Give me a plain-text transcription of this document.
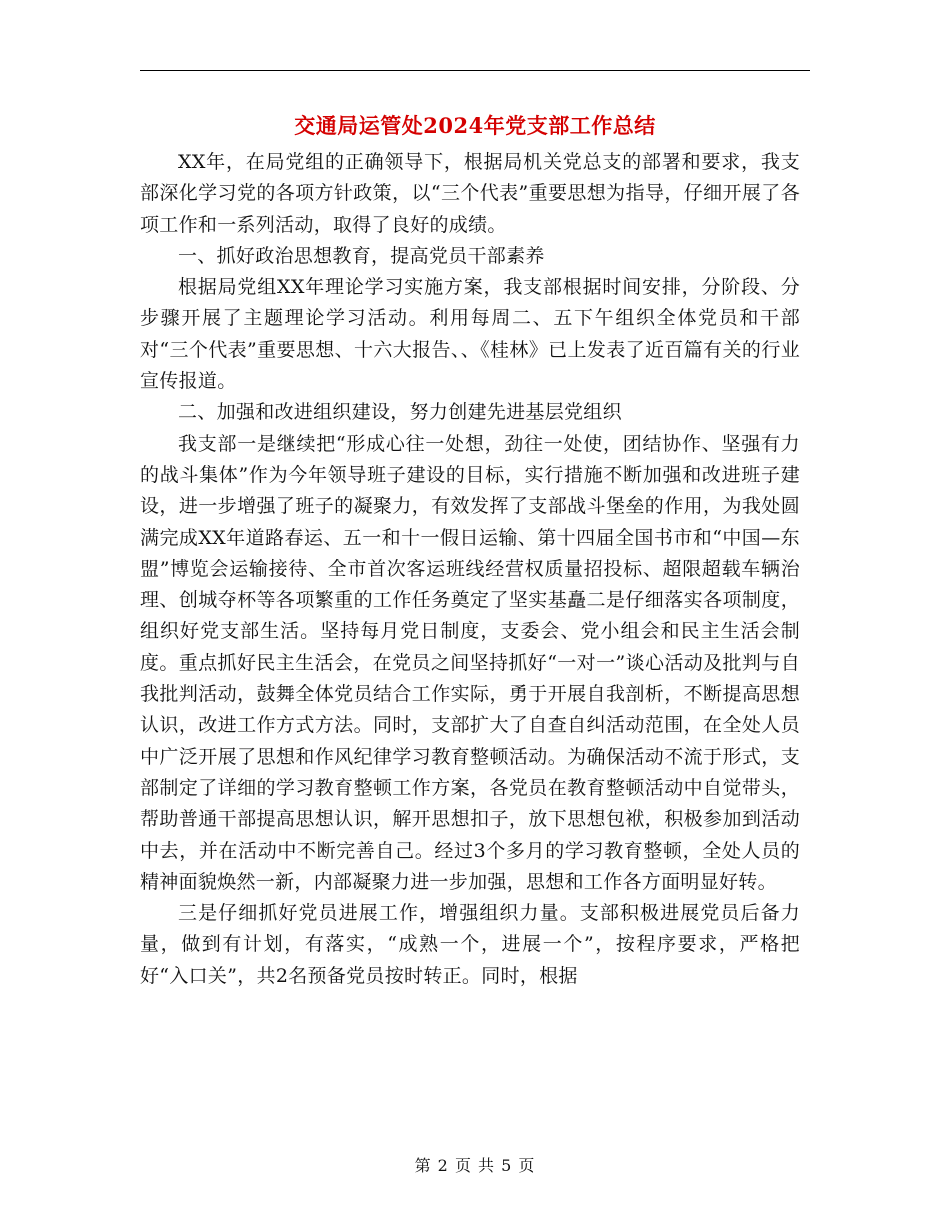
交通局运管处2024年党支部工作总结

XX年，在局党组的正确领导下，根据局机关党总支的部署和要求，我支部深化学习党的各项方针政策，以“三个代表”重要思想为指导，仔细开展了各项工作和一系列活动，取得了良好的成绩。

一、抓好政治思想教育，提高党员干部素养

根据局党组XX年理论学习实施方案，我支部根据时间安排，分阶段、分步骤开展了主题理论学习活动。利用每周二、五下午组织全体党员和干部对“三个代表”重要思想、十六大报告、、《桂林》已上发表了近百篇有关的行业宣传报道。

二、加强和改进组织建设，努力创建先进基层党组织

我支部一是继续把“形成心往一处想，劲往一处使，团结协作、坚强有力的战斗集体”作为今年领导班子建设的目标，实行措施不断加强和改进班子建设，进一步增强了班子的凝聚力，有效发挥了支部战斗堡垒的作用，为我处圆满完成XX年道路春运、五一和十一假日运输、第十四届全国书市和“中国—东盟”博览会运输接待、全市首次客运班线经营权质量招投标、超限超载车辆治理、创城夺杯等各项繁重的工作任务奠定了坚实基矗二是仔细落实各项制度，组织好党支部生活。坚持每月党日制度，支委会、党小组会和民主生活会制度。重点抓好民主生活会，在党员之间坚持抓好“一对一”谈心活动及批判与自我批判活动，鼓舞全体党员结合工作实际，勇于开展自我剖析，不断提高思想认识，改进工作方式方法。同时，支部扩大了自查自纠活动范围，在全处人员中广泛开展了思想和作风纪律学习教育整顿活动。为确保活动不流于形式，支部制定了详细的学习教育整顿工作方案，各党员在教育整顿活动中自觉带头，帮助普通干部提高思想认识，解开思想扣子，放下思想包袱，积极参加到活动中去，并在活动中不断完善自己。经过3个多月的学习教育整顿，全处人员的精神面貌焕然一新，内部凝聚力进一步加强，思想和工作各方面明显好转。

三是仔细抓好党员进展工作，增强组织力量。支部积极进展党员后备力量，做到有计划，有落实，“成熟一个，进展一个”，按程序要求，严格把好“入口关”，共2名预备党员按时转正。同时，根据

第 2 页 共 5 页
